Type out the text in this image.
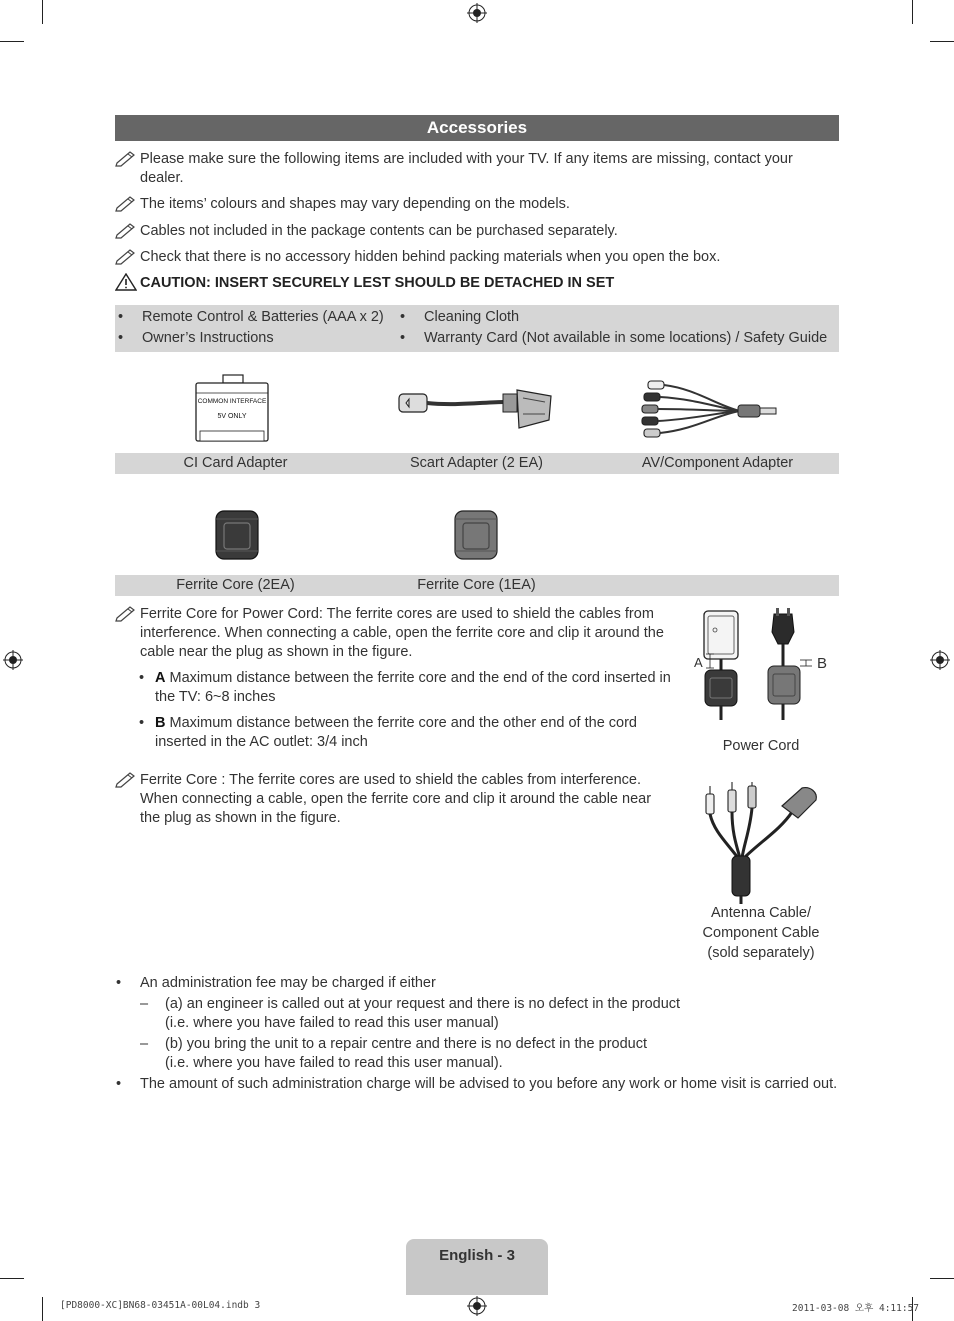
Accessories
Please make sure the following items are included with your TV. If any items are missing, contact your dealer.
The items’ colours and shapes may vary depending on the models.
Cables not included in the package contents can be purchased separately.
Check that there is no accessory hidden behind packing materials when you open the box.
CAUTION: INSERT SECURELY LEST SHOULD BE DETACHED IN SET
• Remote Control & Batteries (AAA x 2)
• Owner’s Instructions
• Cleaning Cloth
• Warranty Card (Not available in some locations) / Safety Guide
COMMON INTERFACE
5V ONLY
CI Card Adapter	Scart Adapter (2 EA)	AV/Component Adapter
Ferrite Core (2EA)	Ferrite Core (1EA)
Ferrite Core for Power Cord: The ferrite cores are used to shield the cables from interference. When connecting a cable, open the ferrite core and clip it around the cable near the plug as shown in the figure.
• A Maximum distance between the ferrite core and the end of the cord inserted in the TV: 6~8 inches
• B Maximum distance between the ferrite core and the other end of the cord inserted in the AC outlet: 3/4 inch
A	B
Power Cord
Ferrite Core : The ferrite cores are used to shield the cables from interference. When connecting a cable, open the ferrite core and clip it around the cable near the plug as shown in the figure.
Antenna Cable/
Component Cable
(sold separately)
• An administration fee may be charged if either
– (a) an engineer is called out at your request and there is no defect in the product
(i.e. where you have failed to read this user manual)
– (b) you bring the unit to a repair centre and there is no defect in the product
(i.e. where you have failed to read this user manual).
• The amount of such administration charge will be advised to you before any work or home visit is carried out.
English - 3
[PD8000-XC]BN68-03451A-00L04.indb 3	2011-03-08 오후 4:11:57
